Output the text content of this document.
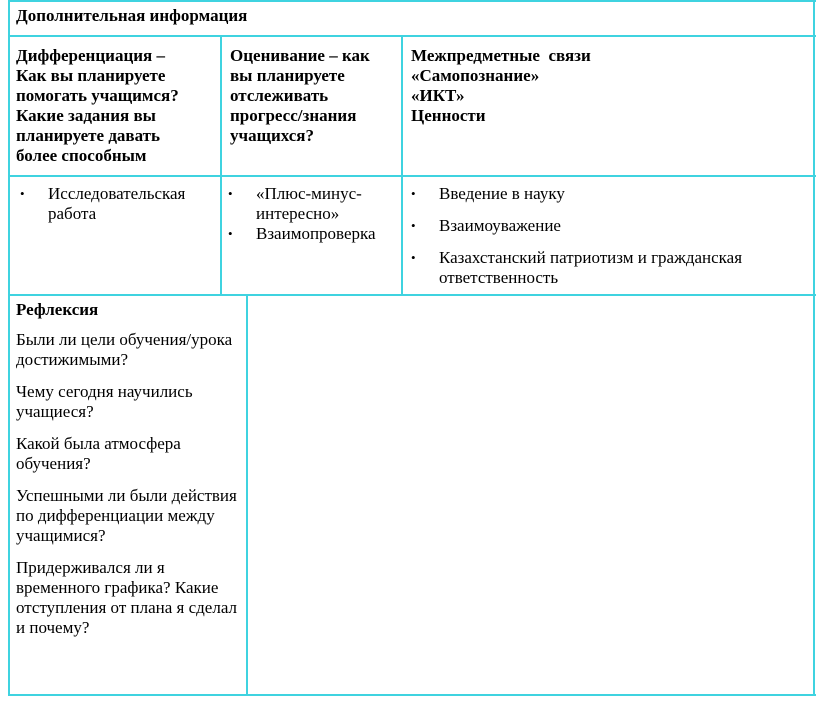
Дополнительная информация
Дифференциация –
Как вы планируете
помогать учащимся?
Какие задания вы
планируете давать
более способным
Оценивание – как
вы планируете
отслеживать
прогресс/знания
учащихся?
Межпредметные  связи
«Самопознание»
«ИКТ»
Ценности
• Исследовательская работа
• «Плюс-минус-интересно»
• Взаимопроверка
• Введение в науку
• Взаимоуважение
• Казахстанский патриотизм и гражданская ответственность

Рефлексия

Были ли цели обучения/урока достижимыми?

Чему сегодня научились учащиеся?

Какой была атмосфера обучения?

Успешными ли были действия по дифференциации между учащимися?

Придерживался ли я временного графика? Какие отступления от плана я сделал и почему?
